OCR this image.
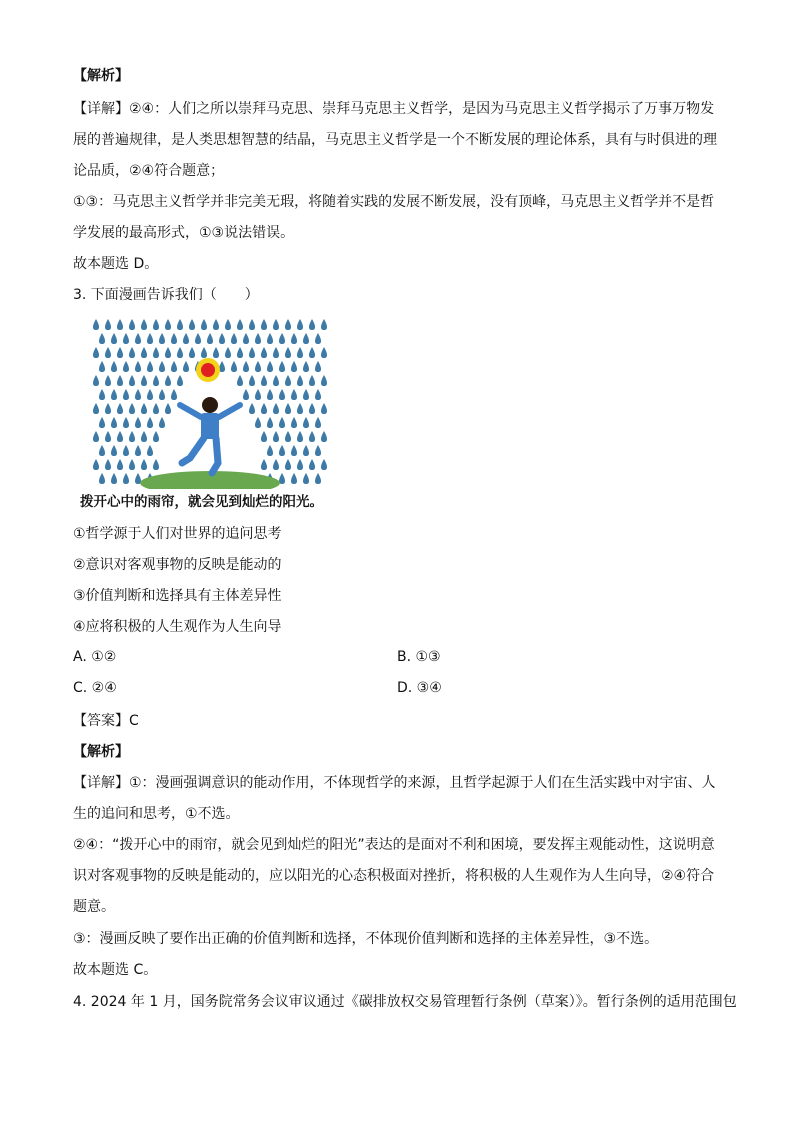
【解析】
【详解】②④：人们之所以崇拜马克思、崇拜马克思主义哲学，是因为马克思主义哲学揭示了万事万物发
展的普遍规律，是人类思想智慧的结晶，马克思主义哲学是一个不断发展的理论体系，具有与时俱进的理
论品质，②④符合题意；
①③：马克思主义哲学并非完美无瑕，将随着实践的发展不断发展，没有顶峰，马克思主义哲学并不是哲
学发展的最高形式，①③说法错误。
故本题选 D。
3. 下面漫画告诉我们（　　）
拨开心中的雨帘，就会见到灿烂的阳光。
①哲学源于人们对世界的追问思考
②意识对客观事物的反映是能动的
③价值判断和选择具有主体差异性
④应将积极的人生观作为人生向导
A. ①②	B. ①③
C. ②④	D. ③④
【答案】C
【解析】
【详解】①：漫画强调意识的能动作用，不体现哲学的来源，且哲学起源于人们在生活实践中对宇宙、人
生的追问和思考，①不选。
②④：“拨开心中的雨帘，就会见到灿烂的阳光”表达的是面对不利和困境，要发挥主观能动性，这说明意
识对客观事物的反映是能动的，应以阳光的心态积极面对挫折，将积极的人生观作为人生向导，②④符合
题意。
③：漫画反映了要作出正确的价值判断和选择，不体现价值判断和选择的主体差异性，③不选。
故本题选 C。
4. 2024 年 1 月，国务院常务会议审议通过《碳排放权交易管理暂行条例（草案）》。暂行条例的适用范围包
